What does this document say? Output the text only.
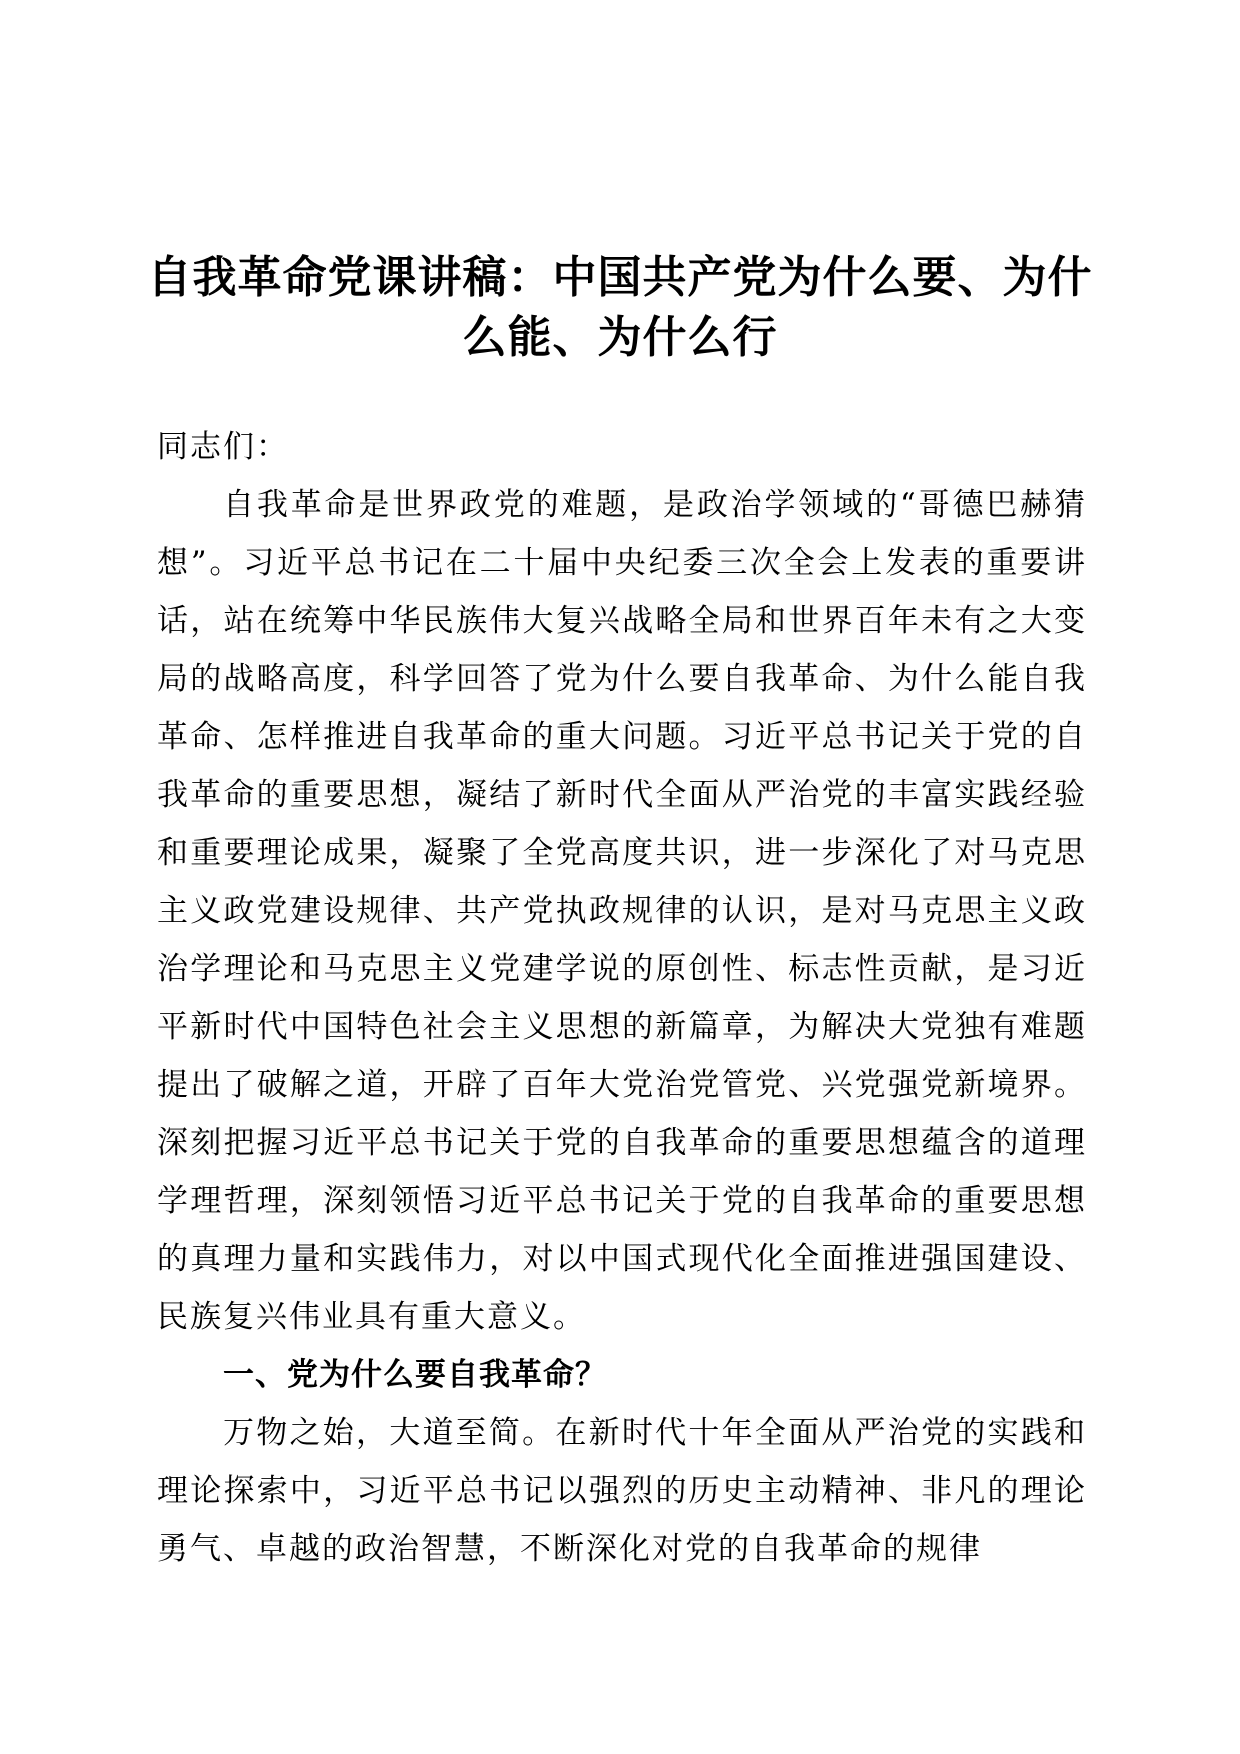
自我革命党课讲稿：中国共产党为什么要、为什么能、为什么行

同志们：

自我革命是世界政党的难题，是政治学领域的“哥德巴赫猜想”。习近平总书记在二十届中央纪委三次全会上发表的重要讲话，站在统筹中华民族伟大复兴战略全局和世界百年未有之大变局的战略高度，科学回答了党为什么要自我革命、为什么能自我革命、怎样推进自我革命的重大问题。习近平总书记关于党的自我革命的重要思想，凝结了新时代全面从严治党的丰富实践经验和重要理论成果，凝聚了全党高度共识，进一步深化了对马克思主义政党建设规律、共产党执政规律的认识，是对马克思主义政治学理论和马克思主义党建学说的原创性、标志性贡献，是习近平新时代中国特色社会主义思想的新篇章，为解决大党独有难题提出了破解之道，开辟了百年大党治党管党、兴党强党新境界。深刻把握习近平总书记关于党的自我革命的重要思想蕴含的道理学理哲理，深刻领悟习近平总书记关于党的自我革命的重要思想的真理力量和实践伟力，对以中国式现代化全面推进强国建设、民族复兴伟业具有重大意义。

一、党为什么要自我革命？

万物之始，大道至简。在新时代十年全面从严治党的实践和理论探索中，习近平总书记以强烈的历史主动精神、非凡的理论勇气、卓越的政治智慧，不断深化对党的自我革命的规律
